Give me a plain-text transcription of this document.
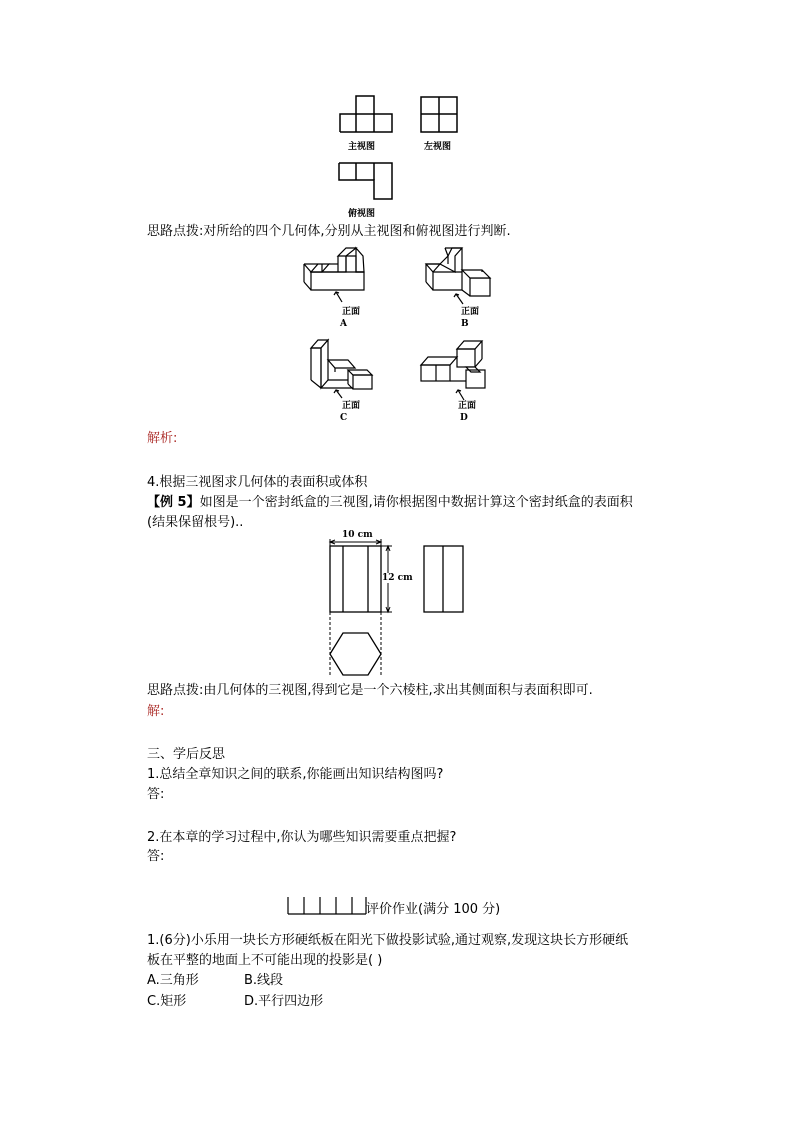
主视图	左视图
俯视图
思路点拨:对所给的四个几何体,分别从主视图和俯视图进行判断.
正面
A
正面
B
正面
C
正面
D
解析:
4.根据三视图求几何体的表面积或体积
【例 5】如图是一个密封纸盒的三视图,请你根据图中数据计算这个密封纸盒的表面积
(结果保留根号)..
10 cm
12 cm
思路点拨:由几何体的三视图,得到它是一个六棱柱,求出其侧面积与表面积即可.
解:
三、学后反思
1.总结全章知识之间的联系,你能画出知识结构图吗?
答:
2.在本章的学习过程中,你认为哪些知识需要重点把握?
答:
评价作业(满分 100 分)
1.(6分)小乐用一块长方形硬纸板在阳光下做投影试验,通过观察,发现这块长方形硬纸
板在平整的地面上不可能出现的投影是( )
A.三角形	B.线段
C.矩形	D.平行四边形
